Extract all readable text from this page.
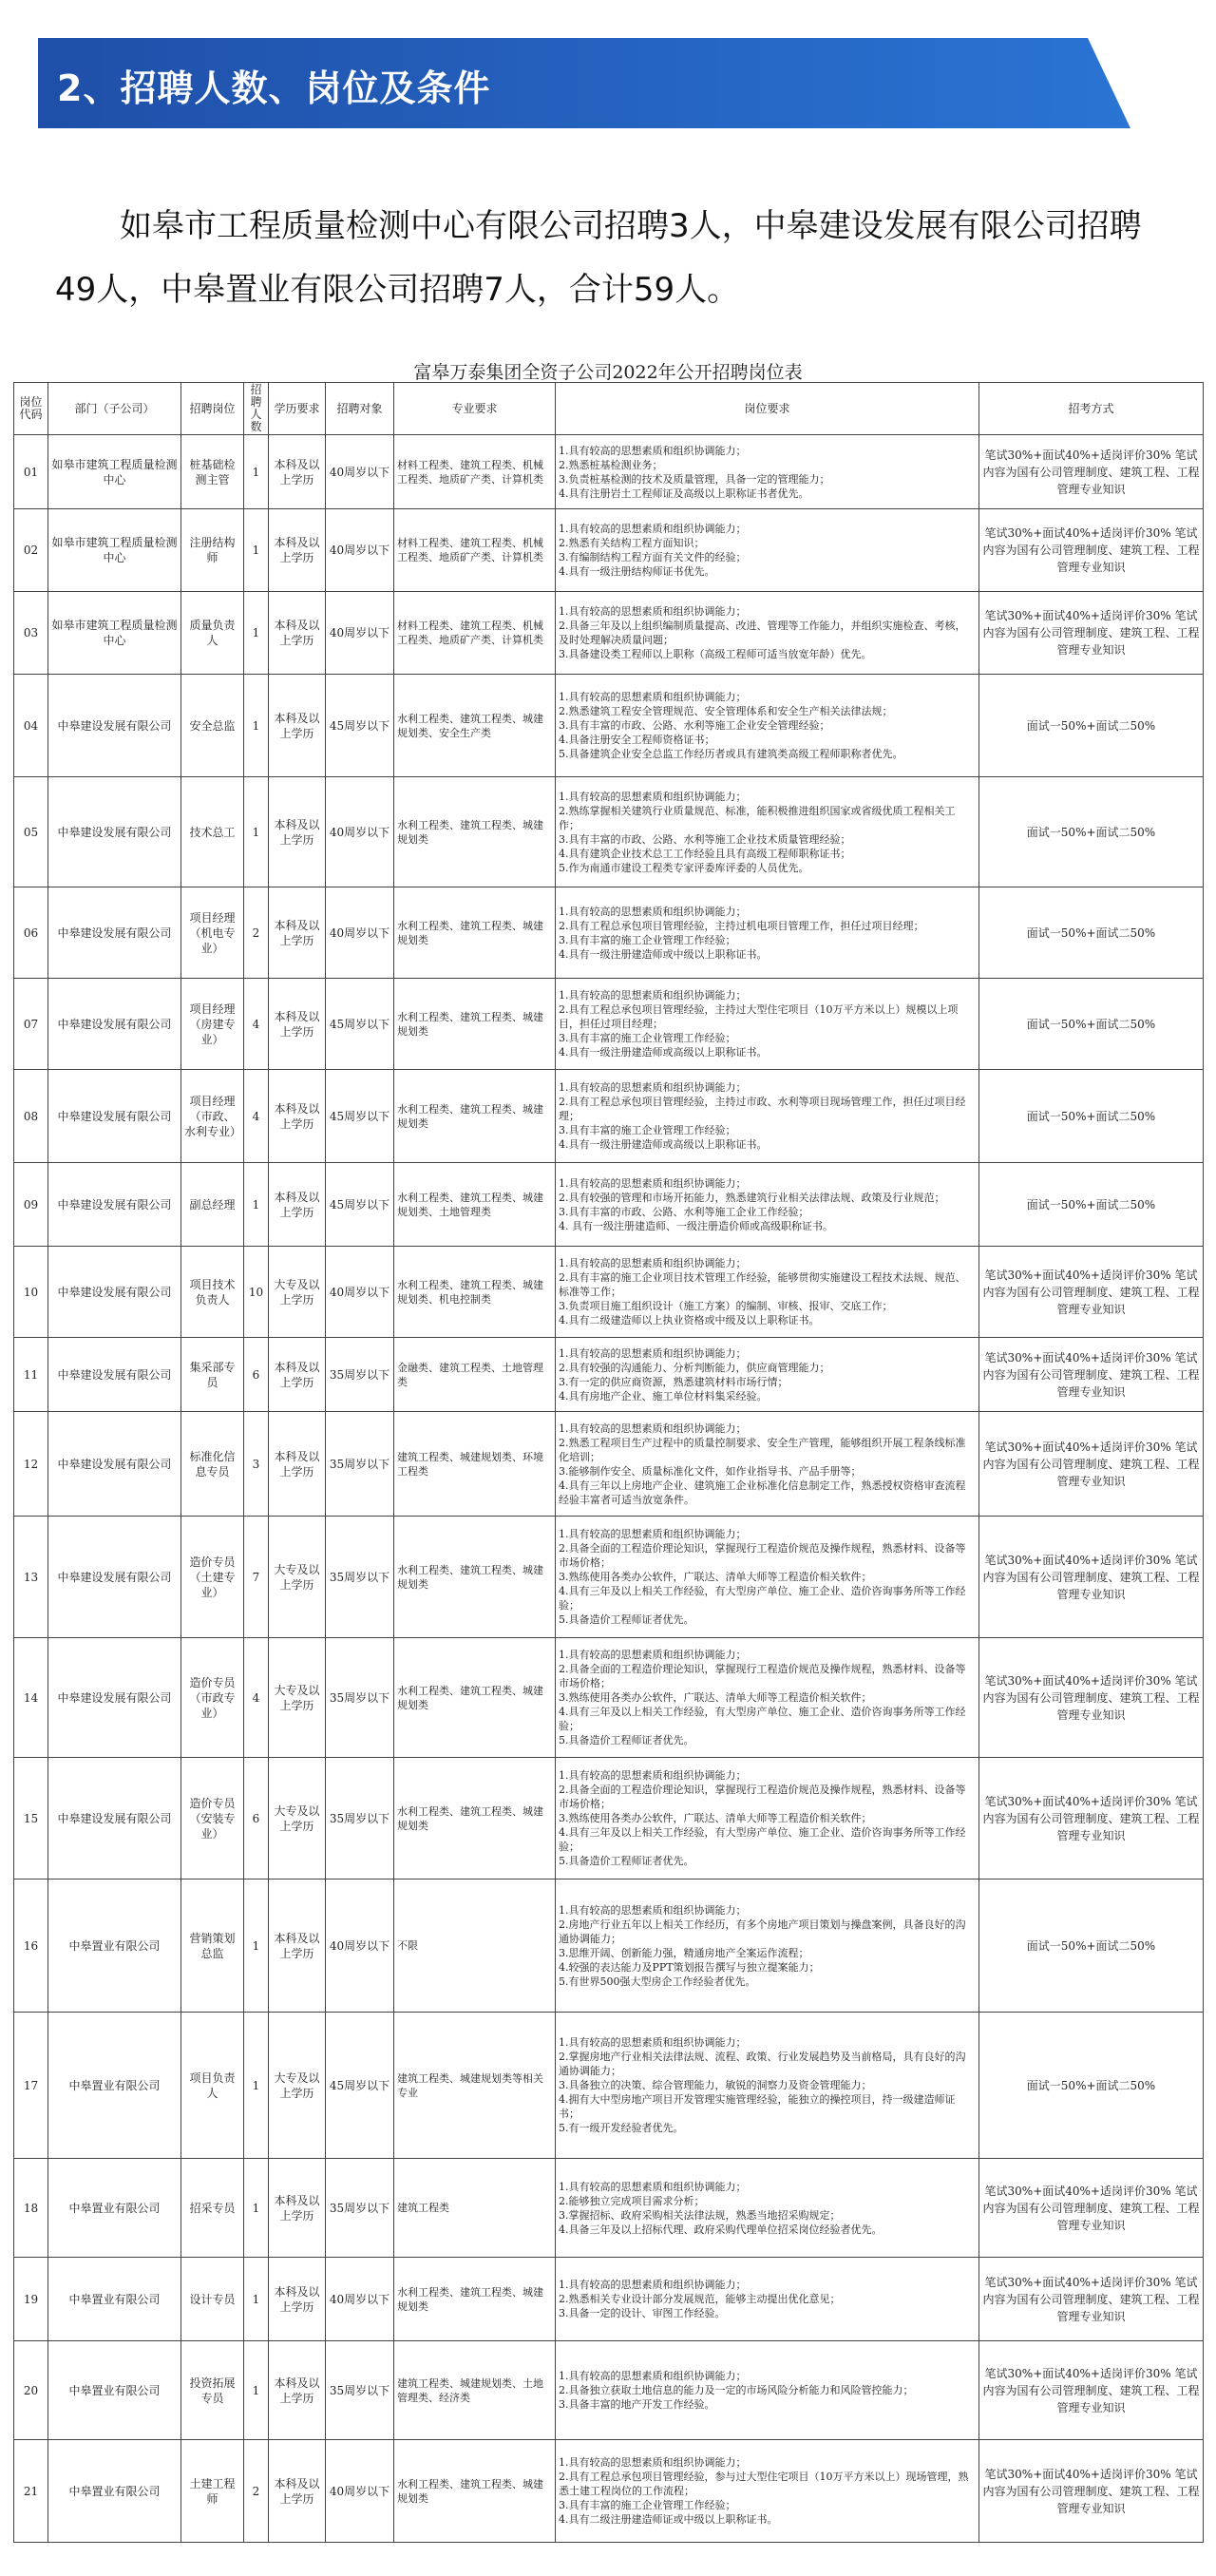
2、招聘人数、岗位及条件
如皋市工程质量检测中心有限公司招聘3人，中皋建设发展有限公司招聘49人，中皋置业有限公司招聘7人，合计59人。
富皋万泰集团全资子公司2022年公开招聘岗位表
岗位代码	部门（子公司）	招聘岗位	招聘人数	学历要求	招聘对象	专业要求	岗位要求	招考方式
01	如皋市建筑工程质量检测中心	桩基础检测主管	1	本科及以上学历	40周岁以下	材料工程类、建筑工程类、机械工程类、地质矿产类、计算机类	1.具有较高的思想素质和组织协调能力；
2.熟悉桩基检测业务；
3.负责桩基检测的技术及质量管理，具备一定的管理能力；
4.具有注册岩土工程师证及高级以上职称证书者优先。	笔试30%+面试40%+适岗评价30% 笔试内容为国有公司管理制度、建筑工程、工程管理专业知识
02	如皋市建筑工程质量检测中心	注册结构师	1	本科及以上学历	40周岁以下	材料工程类、建筑工程类、机械工程类、地质矿产类、计算机类	1.具有较高的思想素质和组织协调能力；
2.熟悉有关结构工程方面知识；
3.有编制结构工程方面有关文件的经验；
4.具有一级注册结构师证书优先。	笔试30%+面试40%+适岗评价30% 笔试内容为国有公司管理制度、建筑工程、工程管理专业知识
03	如皋市建筑工程质量检测中心	质量负责人	1	本科及以上学历	40周岁以下	材料工程类、建筑工程类、机械工程类、地质矿产类、计算机类	1.具有较高的思想素质和组织协调能力；
2.具备三年及以上组织编制质量提高、改进、管理等工作能力，并组织实施检查、考核，及时处理解决质量问题；
3.具备建设类工程师以上职称（高级工程师可适当放宽年龄）优先。	笔试30%+面试40%+适岗评价30% 笔试内容为国有公司管理制度、建筑工程、工程管理专业知识
04	中皋建设发展有限公司	安全总监	1	本科及以上学历	45周岁以下	水利工程类、建筑工程类、城建规划类、安全生产类	1.具有较高的思想素质和组织协调能力；
2.熟悉建筑工程安全管理规范、安全管理体系和安全生产相关法律法规；
3.具有丰富的市政、公路、水利等施工企业安全管理经验；
4.具备注册安全工程师资格证书；
5.具备建筑企业安全总监工作经历者或具有建筑类高级工程师职称者优先。	面试一50%+面试二50%
05	中皋建设发展有限公司	技术总工	1	本科及以上学历	40周岁以下	水利工程类、建筑工程类、城建规划类	1.具有较高的思想素质和组织协调能力；
2.熟练掌握相关建筑行业质量规范、标准，能积极推进组织国家或省级优质工程相关工作；
3.具有丰富的市政、公路、水利等施工企业技术质量管理经验；
4.具有建筑企业技术总工工作经验且具有高级工程师职称证书；
5.作为南通市建设工程类专家评委库评委的人员优先。	面试一50%+面试二50%
06	中皋建设发展有限公司	项目经理（机电专业）	2	本科及以上学历	40周岁以下	水利工程类、建筑工程类、城建规划类	1.具有较高的思想素质和组织协调能力；
2.具有工程总承包项目管理经验，主持过机电项目管理工作，担任过项目经理；
3.具有丰富的施工企业管理工作经验；
4.具有一级注册建造师或中级以上职称证书。	面试一50%+面试二50%
07	中皋建设发展有限公司	项目经理（房建专业）	4	本科及以上学历	45周岁以下	水利工程类、建筑工程类、城建规划类	1.具有较高的思想素质和组织协调能力；
2.具有工程总承包项目管理经验，主持过大型住宅项目（10万平方米以上）规模以上项目，担任过项目经理；
3.具有丰富的施工企业管理工作经验；
4.具有一级注册建造师或高级以上职称证书。	面试一50%+面试二50%
08	中皋建设发展有限公司	项目经理（市政、水利专业）	4	本科及以上学历	45周岁以下	水利工程类、建筑工程类、城建规划类	1.具有较高的思想素质和组织协调能力；
2.具有工程总承包项目管理经验，主持过市政、水利等项目现场管理工作，担任过项目经理；
3.具有丰富的施工企业管理工作经验；
4.具有一级注册建造师或高级以上职称证书。	面试一50%+面试二50%
09	中皋建设发展有限公司	副总经理	1	本科及以上学历	45周岁以下	水利工程类、建筑工程类、城建规划类、土地管理类	1.具有较高的思想素质和组织协调能力；
2.具有较强的管理和市场开拓能力，熟悉建筑行业相关法律法规、政策及行业规范；
3.具有丰富的市政、公路、水利等施工企业工作经验；
4. 具有一级注册建造师、一级注册造价师或高级职称证书。	面试一50%+面试二50%
10	中皋建设发展有限公司	项目技术负责人	10	大专及以上学历	40周岁以下	水利工程类、建筑工程类、城建规划类、机电控制类	1.具有较高的思想素质和组织协调能力；
2.具有丰富的施工企业项目技术管理工作经验，能够贯彻实施建设工程技术法规、规范、标准等工作；
3.负责项目施工组织设计（施工方案）的编制、审核、报审、交底工作；
4.具有二级建造师以上执业资格或中级及以上职称证书。	笔试30%+面试40%+适岗评价30% 笔试内容为国有公司管理制度、建筑工程、工程管理专业知识
11	中皋建设发展有限公司	集采部专员	6	本科及以上学历	35周岁以下	金融类、建筑工程类、土地管理类	1.具有较高的思想素质和组织协调能力；
2.具有较强的沟通能力、分析判断能力，供应商管理能力；
3.有一定的供应商资源，熟悉建筑材料市场行情；
4.具有房地产企业、施工单位材料集采经验。	笔试30%+面试40%+适岗评价30% 笔试内容为国有公司管理制度、建筑工程、工程管理专业知识
12	中皋建设发展有限公司	标准化信息专员	3	本科及以上学历	35周岁以下	建筑工程类、城建规划类、环境工程类	1.具有较高的思想素质和组织协调能力；
2.熟悉工程项目生产过程中的质量控制要求、安全生产管理，能够组织开展工程条线标准化培训；
3.能够制作安全、质量标准化文件，如作业指导书、产品手册等；
4.具有三年以上房地产企业、建筑施工企业标准化信息制定工作，熟悉授权资格审查流程经验丰富者可适当放宽条件。	笔试30%+面试40%+适岗评价30% 笔试内容为国有公司管理制度、建筑工程、工程管理专业知识
13	中皋建设发展有限公司	造价专员（土建专业）	7	大专及以上学历	35周岁以下	水利工程类、建筑工程类、城建规划类	1.具有较高的思想素质和组织协调能力；
2.具备全面的工程造价理论知识，掌握现行工程造价规范及操作规程，熟悉材料、设备等市场价格；
3.熟练使用各类办公软件，广联达、清单大师等工程造价相关软件；
4.具有三年及以上相关工作经验，有大型房产单位、施工企业、造价咨询事务所等工作经验；
5.具备造价工程师证者优先。	笔试30%+面试40%+适岗评价30% 笔试内容为国有公司管理制度、建筑工程、工程管理专业知识
14	中皋建设发展有限公司	造价专员（市政专业）	4	大专及以上学历	35周岁以下	水利工程类、建筑工程类、城建规划类	1.具有较高的思想素质和组织协调能力；
2.具备全面的工程造价理论知识，掌握现行工程造价规范及操作规程，熟悉材料、设备等市场价格；
3.熟练使用各类办公软件，广联达、清单大师等工程造价相关软件；
4.具有三年及以上相关工作经验，有大型房产单位、施工企业、造价咨询事务所等工作经验；
5.具备造价工程师证者优先。	笔试30%+面试40%+适岗评价30% 笔试内容为国有公司管理制度、建筑工程、工程管理专业知识
15	中皋建设发展有限公司	造价专员（安装专业）	6	大专及以上学历	35周岁以下	水利工程类、建筑工程类、城建规划类	1.具有较高的思想素质和组织协调能力；
2.具备全面的工程造价理论知识，掌握现行工程造价规范及操作规程，熟悉材料、设备等市场价格；
3.熟练使用各类办公软件，广联达、清单大师等工程造价相关软件；
4.具有三年及以上相关工作经验，有大型房产单位、施工企业、造价咨询事务所等工作经验；
5.具备造价工程师证者优先。	笔试30%+面试40%+适岗评价30% 笔试内容为国有公司管理制度、建筑工程、工程管理专业知识
16	中皋置业有限公司	营销策划总监	1	本科及以上学历	40周岁以下	不限	1.具有较高的思想素质和组织协调能力；
2.房地产行业五年以上相关工作经历，有多个房地产项目策划与操盘案例，具备良好的沟通协调能力；
3.思维开阔、创新能力强，精通房地产全案运作流程；
4.较强的表达能力及PPT策划报告撰写与独立提案能力；
5.有世界500强大型房企工作经验者优先。	面试一50%+面试二50%
17	中皋置业有限公司	项目负责人	1	大专及以上学历	45周岁以下	建筑工程类、城建规划类等相关专业	1.具有较高的思想素质和组织协调能力；
2.掌握房地产行业相关法律法规、流程、政策、行业发展趋势及当前格局，具有良好的沟通协调能力；
3.具备独立的决策、综合管理能力，敏锐的洞察力及资金管理能力；
4.拥有大中型房地产项目开发管理实施管理经验，能独立的操控项目，持一级建造师证书；
5.有一级开发经验者优先。	面试一50%+面试二50%
18	中皋置业有限公司	招采专员	1	本科及以上学历	35周岁以下	建筑工程类	1.具有较高的思想素质和组织协调能力；
2.能够独立完成项目需求分析；
3.掌握招标、政府采购相关法律法规，熟悉当地招采购规定；
4.具备三年及以上招标代理、政府采购代理单位招采岗位经验者优先。	笔试30%+面试40%+适岗评价30% 笔试内容为国有公司管理制度、建筑工程、工程管理专业知识
19	中皋置业有限公司	设计专员	1	本科及以上学历	40周岁以下	水利工程类、建筑工程类、城建规划类	1.具有较高的思想素质和组织协调能力；
2.熟悉相关专业设计部分发展规范，能够主动提出优化意见；
3.具备一定的设计、审图工作经验。	笔试30%+面试40%+适岗评价30% 笔试内容为国有公司管理制度、建筑工程、工程管理专业知识
20	中皋置业有限公司	投资拓展专员	1	本科及以上学历	35周岁以下	建筑工程类、城建规划类、土地管理类、经济类	1.具有较高的思想素质和组织协调能力；
2.具备独立获取土地信息的能力及一定的市场风险分析能力和风险管控能力；
3.具备丰富的地产开发工作经验。	笔试30%+面试40%+适岗评价30% 笔试内容为国有公司管理制度、建筑工程、工程管理专业知识
21	中皋置业有限公司	土建工程师	2	本科及以上学历	40周岁以下	水利工程类、建筑工程类、城建规划类	1.具有较高的思想素质和组织协调能力；
2.具有工程总承包项目管理经验，参与过大型住宅项目（10万平方米以上）现场管理，熟悉土建工程岗位的工作流程；
3.具有丰富的施工企业管理工作经验；
4.具有二级注册建造师证或中级以上职称证书。	笔试30%+面试40%+适岗评价30% 笔试内容为国有公司管理制度、建筑工程、工程管理专业知识
